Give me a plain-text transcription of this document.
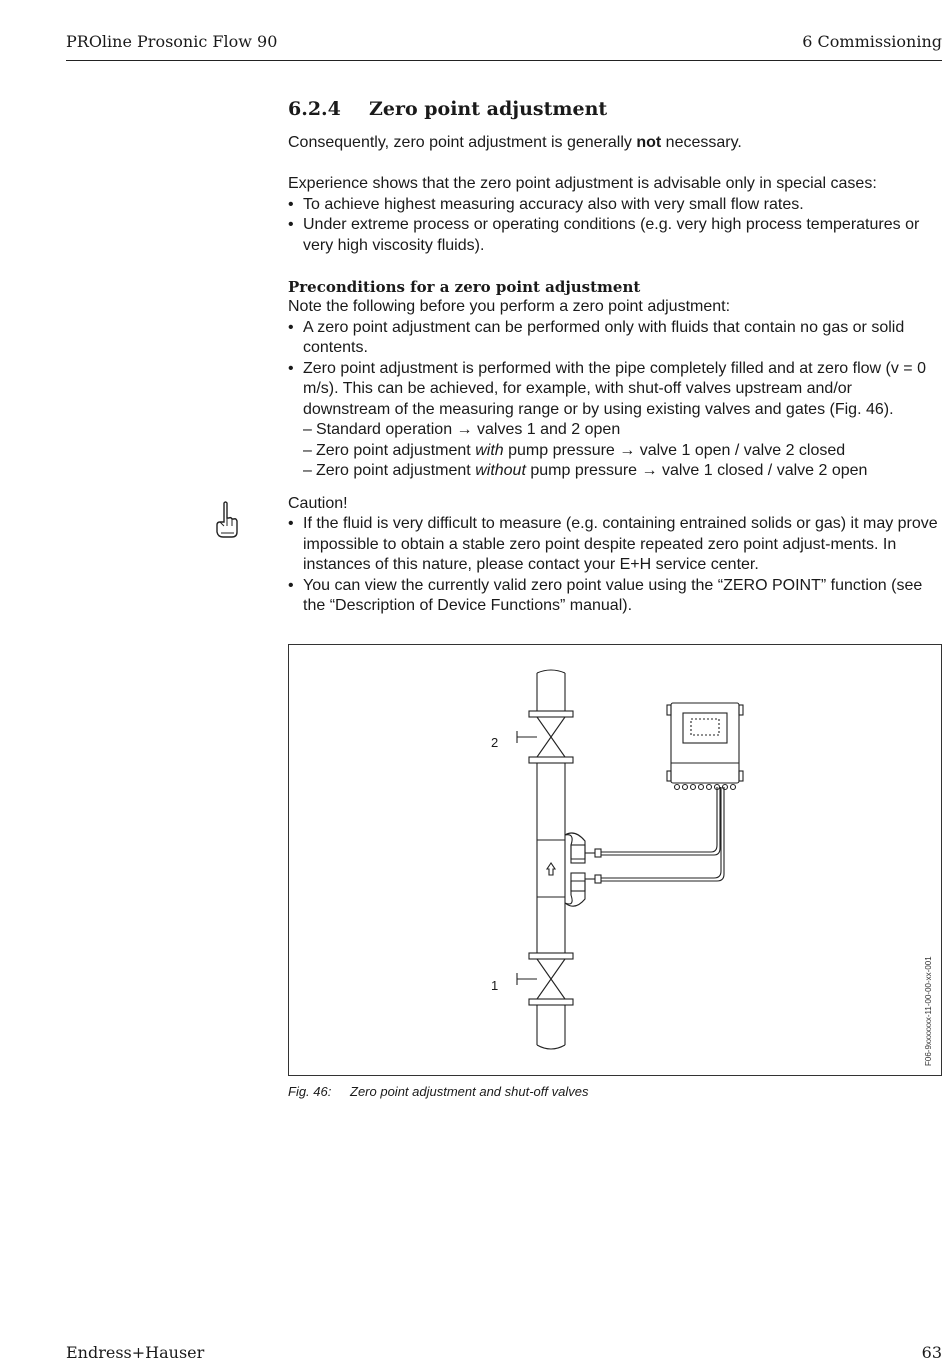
PROline Prosonic Flow 90	6 Commissioning
6.2.4 Zero point adjustment

Consequently, zero point adjustment is generally not necessary.

Experience shows that the zero point adjustment is advisable only in special cases:

• To achieve highest measuring accuracy also with very small flow rates.
• Under extreme process or operating conditions (e.g. very high process temperatures or very high viscosity fluids).
Preconditions for a zero point adjustment

Note the following before you perform a zero point adjustment:

• A zero point adjustment can be performed only with fluids that contain no gas or solid contents.
• Zero point adjustment is performed with the pipe completely filled and at zero flow (v = 0 m/s). This can be achieved, for example, with shut-off valves upstream and/or downstream of the measuring range or by using existing valves and gates (Fig. 46).
– Standard operation → valves 1 and 2 open
– Zero point adjustment with pump pressure → valve 1 open / valve 2 closed
– Zero point adjustment without pump pressure → valve 1 closed / valve 2 open

Caution!

• If the fluid is very difficult to measure (e.g. containing entrained solids or gas) it may prove impossible to obtain a stable zero point despite repeated zero point adjust-ments. In instances of this nature, please contact your E+H service center.
• You can view the currently valid zero point value using the “ZERO POINT” function (see the “Description of Device Functions” manual).
2
1	F06-9xxxxxxx-11-00-00-xx-001
Fig. 46: Zero point adjustment and shut-off valves
Endress+Hauser	63
